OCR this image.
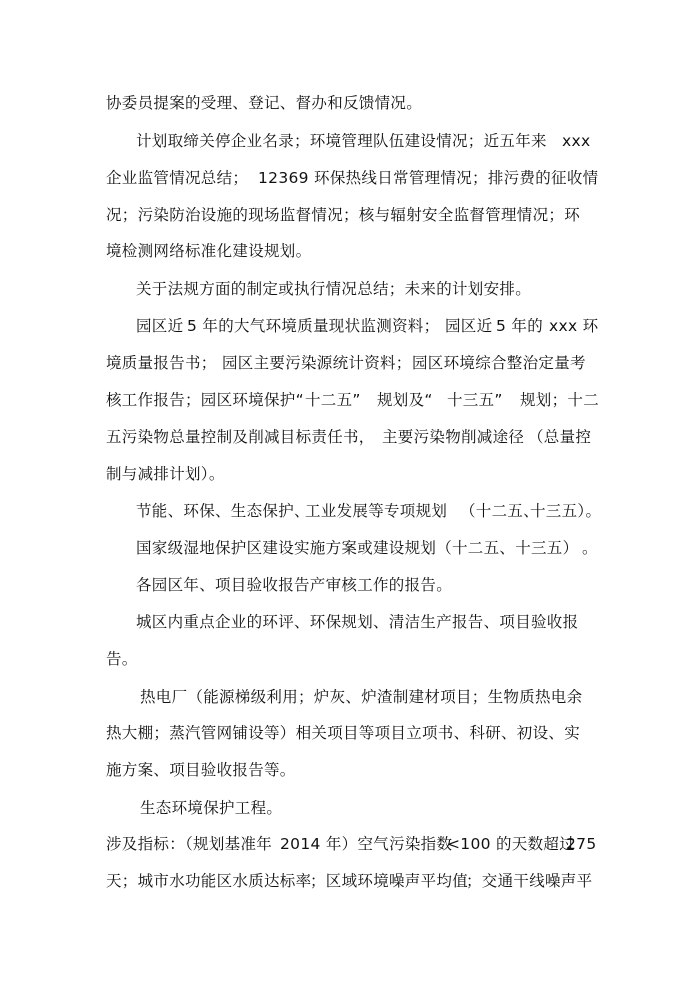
协委员提案的受理、登记、督办和反馈情况。

计划取缔关停企业名录；环境管理队伍建设情况；近五年来

xxx

企业监管情况总结；

12369 环保热线日常管理情况；排污费的征收情

况；污染防治设施的现场监督情况；核与辐射安全监督管理情况；环

境检测网络标准化建设规划。

关于法规方面的制定或执行情况总结；未来的计划安排。

园区近

5 年的大气环境质量现状监测资料；

园区近

5 年的

xxx 环

境质量报告书；

园区主要污染源统计资料；

园区环境综合整治定量考

核工作报告；园区环境保护“

十二五”

规划及“

十三五”

规划；十二

五污染物总量控制及削减目标责任书，

主要污染物削减途径

（总量控

制与减排计划）。

节能、环保、生态保护、

工业发展等专项规划

（十二五、

十三五）。

国家级湿地保护区建设实施方案或建设规划（十二五、十三五）

。

各园区年、项目验收报告产审核工作的报告。

城区内重点企业的环评、环保规划、清洁生产报告、项目验收报

告。

热电厂（能源梯级利用；炉灰、炉渣制建材项目；生物质热电余

热大棚；蒸汽管网铺设等）相关项目等项目立项书、科研、初设、实

施方案、项目验收报告等。

生态环境保护工程。

涉及指标：（规划基准年

2014 年）空气污染指数

<100 的天数超过

275

天；城市水功能区水质达标率

；区域环境噪声平均值

；交通干线噪声平
